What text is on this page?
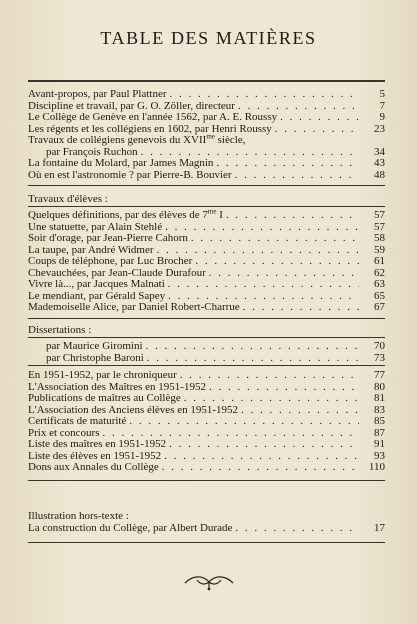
TABLE DES MATIÈRES
Avant-propos, par Paul Plattner . . .	5
Discipline et travail, par G. O. Zöller, directeur . . .	7
Le Collège de Genève en l'année 1562, par A. E. Roussy . . .	9
Les régents et les collégiens en 1602, par Henri Roussy . . .	23
Travaux de collégiens genevois du $XVII^{me}$ siècle,
par François Ruchon . . .	34
La fontaine du Molard, par James Magnin . . .	43
Où en est l'astronomie ? par Pierre-B. Bouvier . . .	48
Travaux d'élèves :
Quelques définitions, par des élèves de $7^{me}$ I . . .	57
Une statuette, par Alain Stehlé . . .	57
Soir d'orage, par Jean-Pierre Cahorn . . .	58
La taupe, par André Widmer . . .	59
Coups de téléphone, par Luc Brocher . . .	61
Chevauchées, par Jean-Claude Durafour . . .	62
Vivre là..., par Jacques Malnati . . .	63
Le mendiant, par Gérald Sapey . . .	65
Mademoiselle Alice, par Daniel Robert-Charrue . . .	67
Dissertations :
par Maurice Giromini . . .	70
par Christophe Baroni . . .	73
En 1951-1952, par le chroniqueur . . .	77
L'Association des Maîtres en 1951-1952 . . .	80
Publications de maîtres au Collège . . .	81
L'Association des Anciens élèves en 1951-1952 . . .	83
Certificats de maturité . . .	85
Prix et concours . . .	87
Liste des maîtres en 1951-1952 . . .	91
Liste des élèves en 1951-1952 . . .	93
Dons aux Annales du Collège . . .	110
Illustration hors-texte :
La construction du Collège, par Albert Durade . . .	17
